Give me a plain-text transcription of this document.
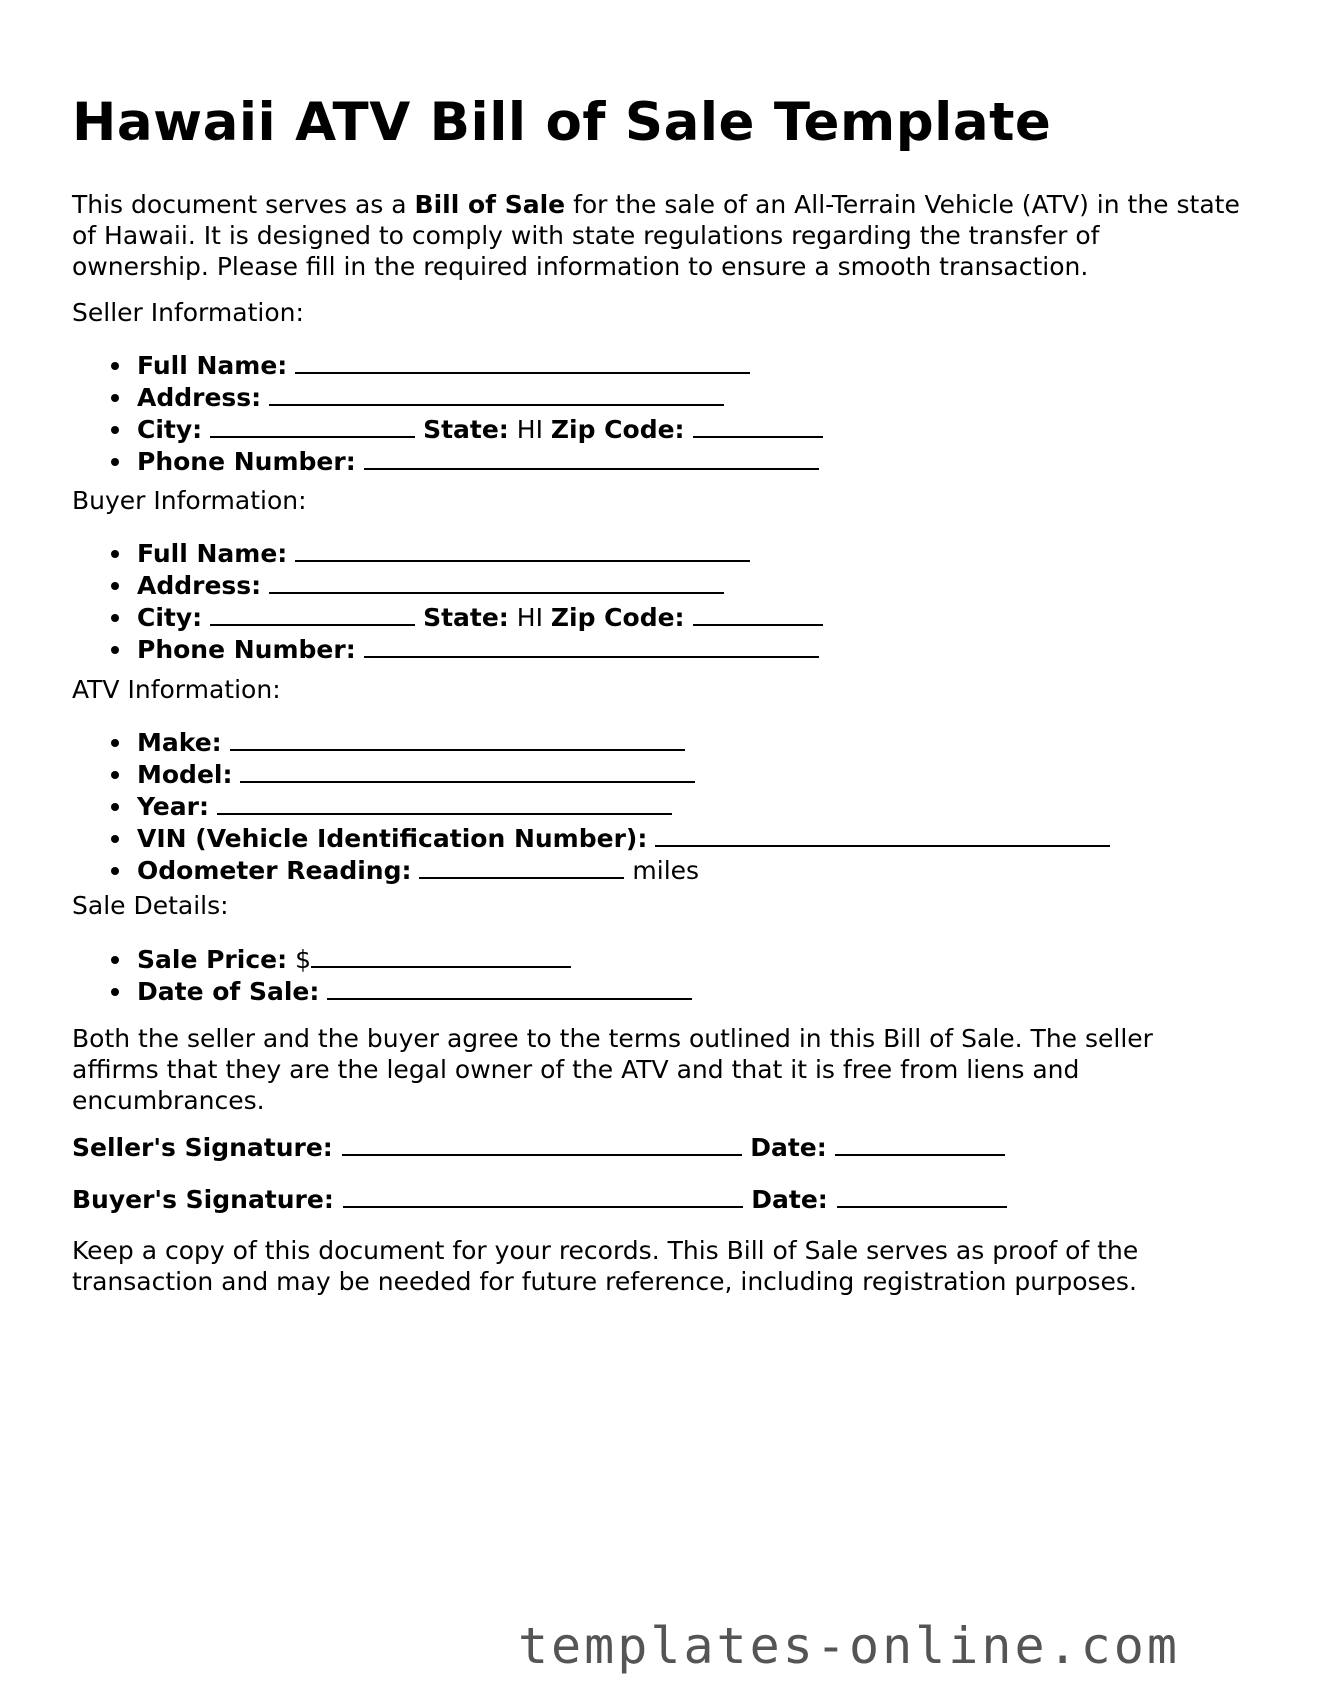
Hawaii ATV Bill of Sale Template

This document serves as a Bill of Sale for the sale of an All-Terrain Vehicle (ATV) in the state of Hawaii. It is designed to comply with state regulations regarding the transfer of ownership. Please fill in the required information to ensure a smooth transaction.

Seller Information:

Full Name:
Address:
City:	State: HI Zip Code:
Phone Number:

Buyer Information:

Full Name:
Address:
City:	State: HI Zip Code:
Phone Number:

ATV Information:

Make:
Model:
Year:
VIN (Vehicle Identification Number):
Odometer Reading:	miles

Sale Details:

Sale Price: $
Date of Sale:

Both the seller and the buyer agree to the terms outlined in this Bill of Sale. The seller affirms that they are the legal owner of the ATV and that it is free from liens and encumbrances.

Seller's Signature:	Date:

Buyer's Signature:	Date:

Keep a copy of this document for your records. This Bill of Sale serves as proof of the transaction and may be needed for future reference, including registration purposes.

templates-online.com
